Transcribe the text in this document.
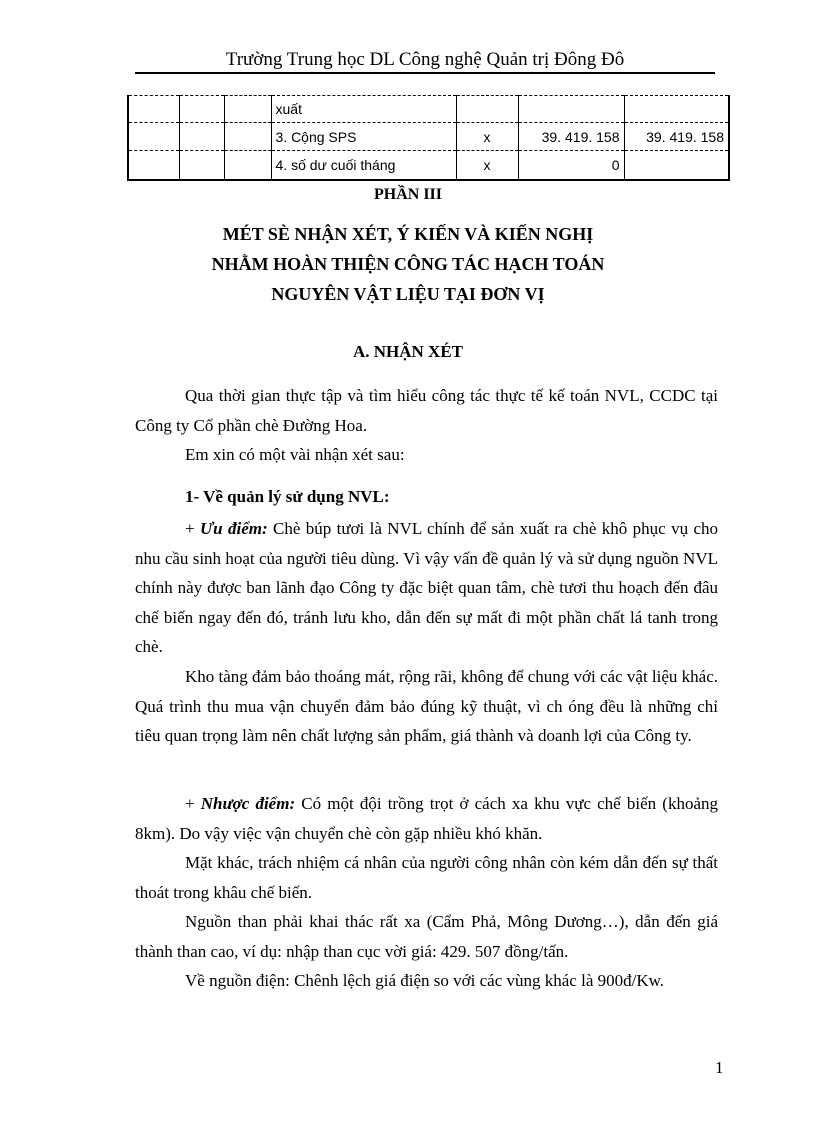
Trường Trung học DL Công nghệ Quản trị Đông Đô
			xuất			
			3. Cộng SPS	x	39. 419. 158	39. 419. 158
			4. số dư cuối tháng	x	0	
PHẦN III
MÉT SÈ NHẬN XÉT, Ý KIẾN VÀ KIẾN NGHỊ
NHẰM HOÀN THIỆN CÔNG TÁC HẠCH TOÁN
NGUYÊN VẬT LIỆU TẠI ĐƠN VỊ
A. NHẬN XÉT
Qua thời gian thực tập và tìm hiểu công tác thực tế kế toán NVL, CCDC tại Công ty Cổ phần chè Đường Hoa.
Em xin có một vài nhận xét sau:
1- Về quản lý sử dụng NVL:
+ Ưu điểm: Chè búp tươi là NVL chính để sản xuất ra chè khô phục vụ cho nhu cầu sinh hoạt của người tiêu dùng. Vì vậy vấn đề quản lý và sử dụng nguồn NVL chính này được ban lãnh đạo Công ty đặc biệt quan tâm, chè tươi thu hoạch đến đâu chế biến ngay đến đó, tránh lưu kho, dẫn đến sự mất đi một phần chất lá tanh trong chè.
Kho tàng đảm bảo thoáng mát, rộng rãi, không để chung với các vật liệu khác. Quá trình thu mua vận chuyển đảm bảo đúng kỹ thuật, vì ch óng đều là những chỉ tiêu quan trọng làm nên chất lượng sản phẩm, giá thành và doanh lợi của Công ty.
+ Nhược điểm: Có một đội trồng trọt ở cách xa khu vực chế biến (khoảng 8km). Do vậy việc vận chuyển chè còn gặp nhiều khó khăn.
Mặt khác, trách nhiệm cá nhân của người công nhân còn kém dẫn đến sự thất thoát trong khâu chế biến.
Nguồn than phải khai thác rất xa (Cẩm Phả, Mông Dương…), dẫn đến giá thành than cao, ví dụ: nhập than cục vời giá: 429. 507 đồng/tấn.
Về nguồn điện: Chênh lệch giá điện so với các vùng khác là 900đ/Kw.
1
